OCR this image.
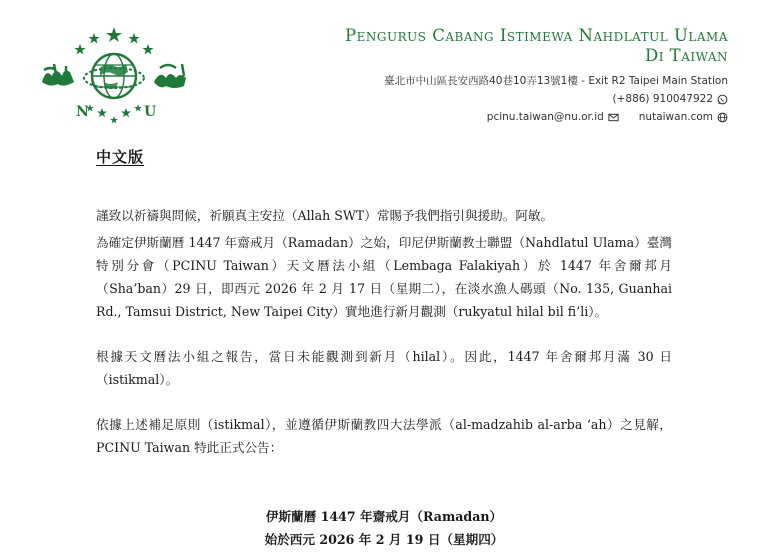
N	U
Pengurus Cabang Istimewa Nahdlatul Ulama
Di Taiwan
臺北市中山區長安西路40巷10弄13號1樓 - Exit R2 Taipei Main Station
(+886) 910047922
pcinu.taiwan@nu.or.id	nutaiwan.com
中文版

謹致以祈禱與問候，祈願真主安拉（Allah SWT）常賜予我們指引與援助。阿敏。

為確定伊斯蘭曆 1447 年齋戒月（Ramadan）之始，印尼伊斯蘭教士聯盟（Nahdlatul Ulama）臺灣特別分會（PCINU Taiwan）天文曆法小組（Lembaga Falakiyah）於 1447 年舍爾邦月（Sha’ban）29 日，即西元 2026 年 2 月 17 日（星期二），在淡水漁人碼頭（No. 135, Guanhai Rd., Tamsui District, New Taipei City）實地進行新月觀測（rukyatul hilal bil fi’li）。

根據天文曆法小組之報告，當日未能觀測到新月（hilal）。因此，1447 年舍爾邦月滿 30 日（istikmal）。

依據上述補足原則（istikmal），並遵循伊斯蘭教四大法學派（al-madzahib al-arba ‘ah）之見解，PCINU Taiwan 特此正式公告：

伊斯蘭曆 1447 年齋戒月（Ramadan）
始於西元 2026 年 2 月 19 日（星期四）
